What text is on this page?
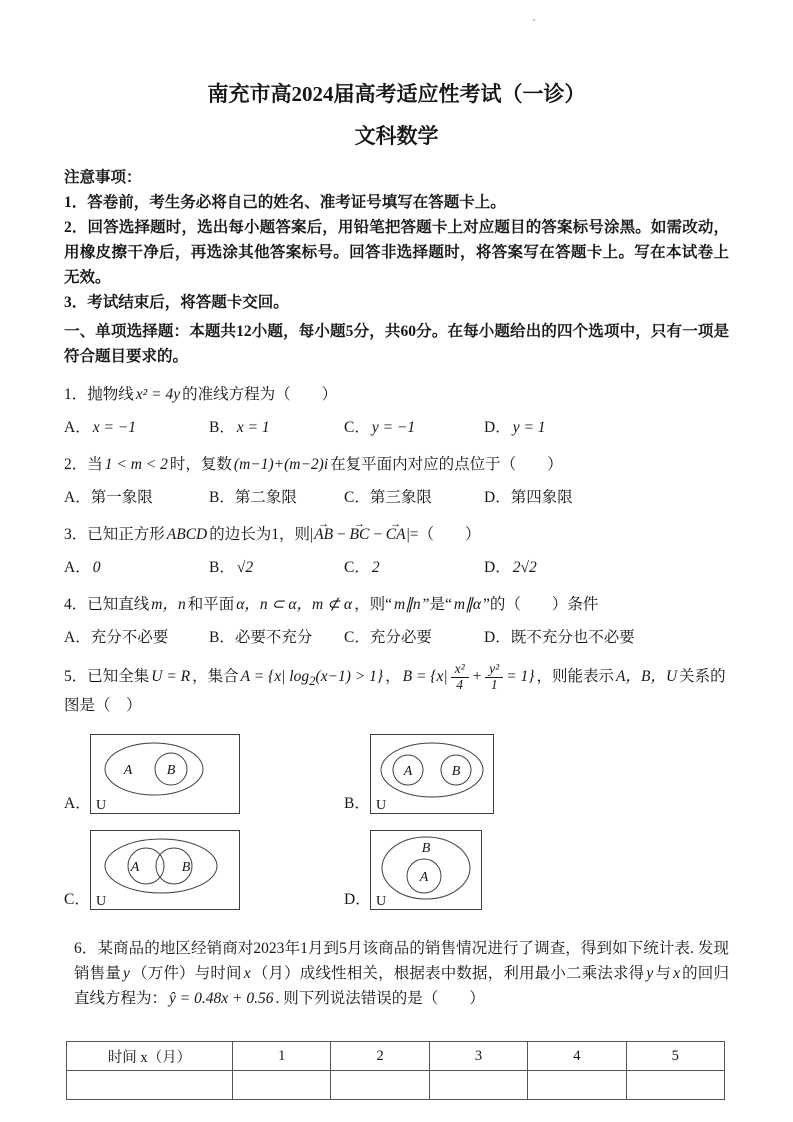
·
南充市高2024届高考适应性考试（一诊）
文科数学

注意事项：

1．答卷前，考生务必将自己的姓名、准考证号填写在答题卡上。

2．回答选择题时，选出每小题答案后，用铅笔把答题卡上对应题目的答案标号涂黑。如需改动，用橡皮擦干净后，再选涂其他答案标号。回答非选择题时，将答案写在答题卡上。写在本试卷上无效。

3．考试结束后，将答题卡交回。

一、单项选择题：本题共12小题，每小题5分，共60分。在每小题给出的四个选项中，只有一项是符合题目要求的。

1．抛物线 x² = 4y 的准线方程为（　　）

A． x = −1	B． x = 1	C． y = −1	D． y = 1

2．当 1 < m < 2 时，复数 (m−1)+(m−2)i 在复平面内对应的点位于（　　）

A．第一象限	B．第二象限	C．第三象限	D．第四象限

3．已知正方形 ABCD 的边长为1，则|AB → − BC → − CA →|=（　　）

A． 0	B． √2	C． 2	D． 2√2

4．已知直线 m，n 和平面 α，n ⊂ α，m ⊄ α ，则“ m∥n ”是“ m∥α ”的（　　）条件

A．充分不必要	B．必要不充分	C．充分必要	D．既不充分也不必要

5．已知全集 U = R ，集合 A = {x| $\log_2(x-1) > 1$} ， $B = \{x| \frac{\text{x²}}{4} + \frac{\text{y²}}{1} = 1\}$ ，则能表示 A，B，U 关系的图是（　）

A．
A B
U	B．
A	B
U
C．
A	B
U	D．
B
A
U

6．某商品的地区经销商对2023年1月到5月该商品的销售情况进行了调查，得到如下统计表. 发现销售量 y （万件）与时间 x （月）成线性相关，根据表中数据，利用最小二乘法求得 y 与 x 的回归直线方程为： ŷ = 0.48x + 0.56 . 则下列说法错误的是（　　）

时间 x（月）	1	2	3	4	5
